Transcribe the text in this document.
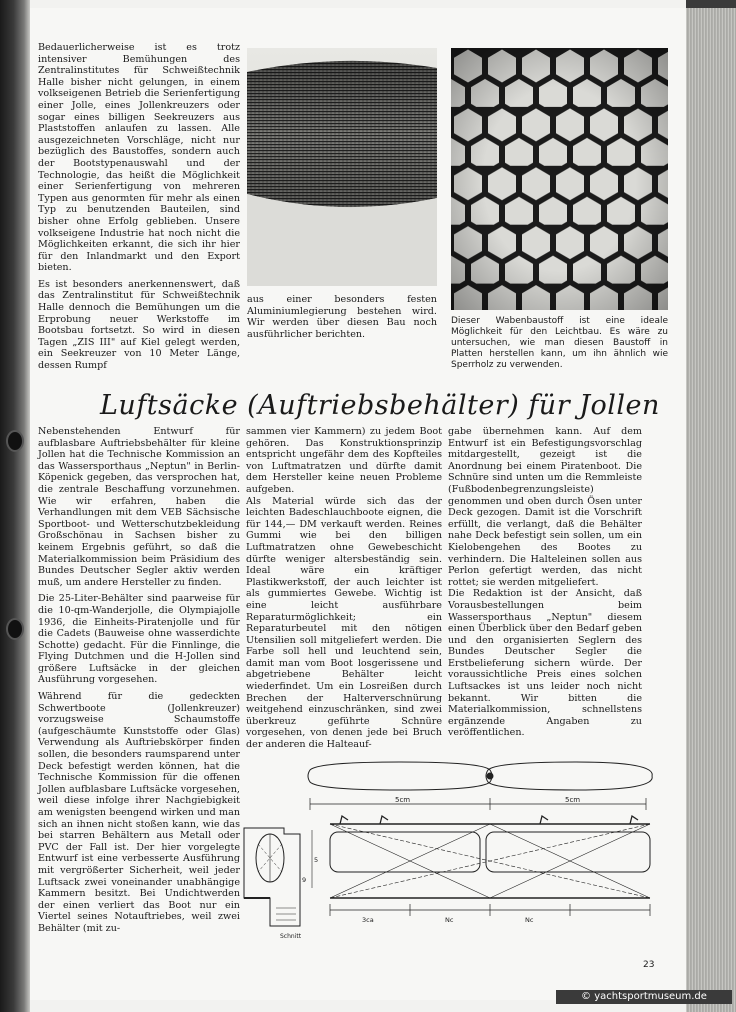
Bedauerlicherweise ist es trotz intensiver Bemühungen des Zentralinstitutes für Schweißtechnik Halle bisher nicht gelungen, in einem volkseigenen Betrieb die Serienfertigung einer Jolle, eines Jollenkreuzers oder sogar eines billigen Seekreuzers aus Plaststoffen anlaufen zu lassen. Alle ausgezeichneten Vorschläge, nicht nur bezüglich des Baustoffes, sondern auch der Bootstypenauswahl und der Technologie, das heißt die Möglichkeit einer Serienfertigung von mehreren Typen aus genormten für mehr als einen Typ zu benutzenden Bauteilen, sind bisher ohne Erfolg geblieben. Unsere volkseigene Industrie hat noch nicht die Möglichkeiten erkannt, die sich ihr hier für den Inlandmarkt und den Export bieten.

Es ist besonders anerkennenswert, daß das Zentralinstitut für Schweißtechnik Halle dennoch die Bemühungen um die Erprobung neuer Werkstoffe im Bootsbau fortsetzt. So wird in diesen Tagen „ZIS III" auf Kiel gelegt werden, ein Seekreuzer von 10 Meter Länge, dessen Rumpf

aus einer besonders festen Aluminiumlegierung bestehen wird. Wir werden über diesen Bau noch ausführlicher berichten.

Dieser Wabenbaustoff ist eine ideale Möglichkeit für den Leichtbau. Es wäre zu untersuchen, wie man diesen Baustoff in Platten herstellen kann, um ihn ähnlich wie Sperrholz zu verwenden.
Luftsäcke (Auftriebsbehälter) für Jollen

Nebenstehenden Entwurf für aufblasbare Auftriebsbehälter für kleine Jollen hat die Technische Kommission an das Wassersporthaus „Neptun" in Berlin-Köpenick gegeben, das versprochen hat, die zentrale Beschaffung vorzunehmen. Wie wir erfahren, haben die Verhandlungen mit dem VEB Sächsische Sportboot- und Wetterschutzbekleidung Großschönau in Sachsen bisher zu keinem Ergebnis geführt, so daß die Materialkommission beim Präsidium des Bundes Deutscher Segler aktiv werden muß, um andere Hersteller zu finden.

Die 25-Liter-Behälter sind paarweise für die 10-qm-Wanderjolle, die Olympiajolle 1936, die Einheits-Piratenjolle und für die Cadets (Bauweise ohne wasserdichte Schotte) gedacht. Für die Finnlinge, die Flying Dutchmen und die H-Jollen sind größere Luftsäcke in der gleichen Ausführung vorgesehen.

Während für die gedeckten Schwertboote (Jollenkreuzer) vorzugsweise Schaumstoffe (aufgeschäumte Kunststoffe oder Glas) Verwendung als Auftriebskörper finden sollen, die besonders raumsparend unter Deck befestigt werden können, hat die Technische Kommission für die offenen Jollen aufblasbare Luftsäcke vorgesehen, weil diese infolge ihrer Nachgiebigkeit am wenigsten beengend wirken und man sich an ihnen nicht stoßen kann, wie das bei starren Behältern aus Metall oder PVC der Fall ist. Der hier vorgelegte Entwurf ist eine verbesserte Ausführung mit vergrößerter Sicherheit, weil jeder Luftsack zwei voneinander unabhängige Kammern besitzt. Bei Undichtwerden der einen verliert das Boot nur ein Viertel seines Notauftriebes, weil zwei Behälter (mit zu-

sammen vier Kammern) zu jedem Boot gehören. Das Konstruktionsprinzip entspricht ungefähr dem des Kopfteiles von Luftmatratzen und dürfte damit dem Hersteller keine neuen Probleme aufgeben.

Als Material würde sich das der leichten Badeschlauchboote eignen, die für 144,— DM verkauft werden. Reines Gummi wie bei den billigen Luftmatratzen ohne Gewebeschicht dürfte weniger altersbeständig sein. Ideal wäre ein kräftiger Plastikwerkstoff, der auch leichter ist als gummiertes Gewebe. Wichtig ist eine leicht ausführbare Reparaturmöglichkeit; ein Reparaturbeutel mit den nötigen Utensilien soll mitgeliefert werden. Die Farbe soll hell und leuchtend sein, damit man vom Boot losgerissene und abgetriebene Behälter leicht wiederfindet. Um ein Losreißen durch Brechen der Halterverschnürung weitgehend einzuschränken, sind zwei überkreuz geführte Schnüre vorgesehen, von denen jede bei Bruch der anderen die Halteauf-

gabe übernehmen kann. Auf dem Entwurf ist ein Befestigungsvorschlag mitdargestellt, gezeigt ist die Anordnung bei einem Piratenboot. Die Schnüre sind unten um die Remmleiste (Fußbodenbegrenzungsleiste) genommen und oben durch Ösen unter Deck gezogen. Damit ist die Vorschrift erfüllt, die verlangt, daß die Behälter nahe Deck befestigt sein sollen, um ein Kielobengehen des Bootes zu verhindern. Die Halteleinen sollen aus Perlon gefertigt werden, das nicht rottet; sie werden mitgeliefert.

Die Redaktion ist der Ansicht, daß Vorausbestellungen beim Wassersporthaus „Neptun" diesem einen Überblick über den Bedarf geben und den organisierten Seglern des Bundes Deutscher Segler die Erstbelieferung sichern würde. Der voraussichtliche Preis eines solchen Luftsackes ist uns leider noch nicht bekannt. Wir bitten die Materialkommission, schnellstens ergänzende Angaben zu veröffentlichen.

5cm	5cm
3ca	Nc	Nc
5
9
Schnitt
23
© yachtsportmuseum.de
